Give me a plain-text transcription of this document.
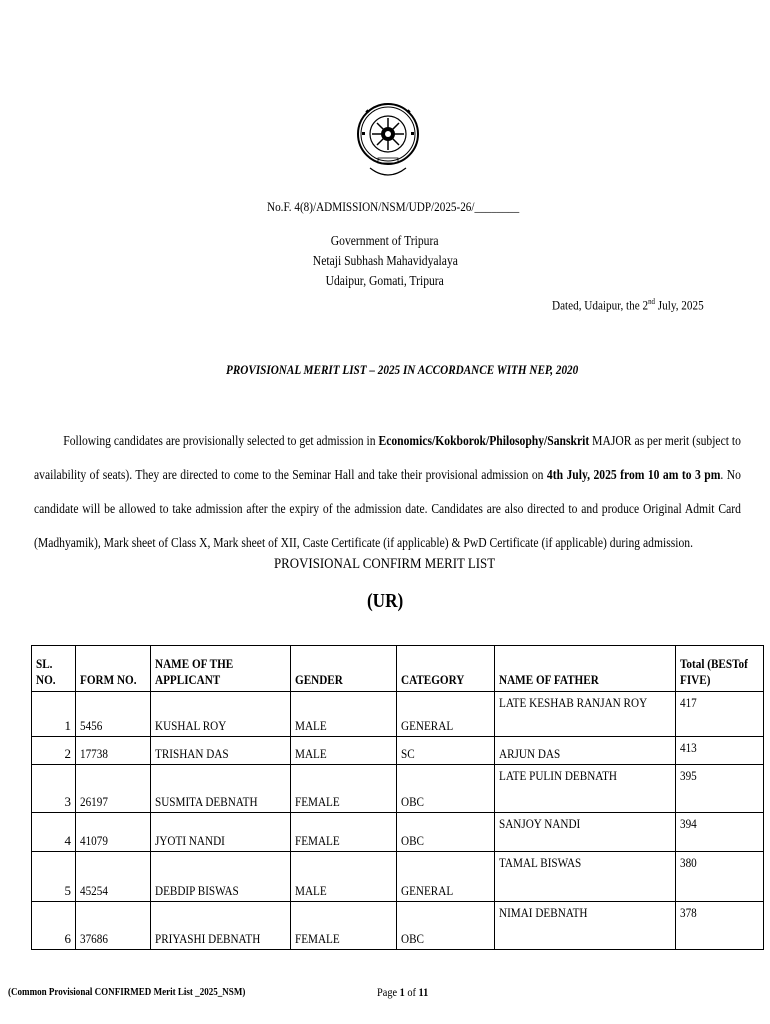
No.F. 4(8)/ADMISSION/NSM/UDP/2025-26/________
Government of Tripura
Netaji Subhash Mahavidyalaya
Udaipur, Gomati, Tripura
Dated, Udaipur, the 2nd July, 2025
PROVISIONAL MERIT LIST – 2025 IN ACCORDANCE WITH NEP, 2020
Following candidates are provisionally selected to get admission in Economics/Kokborok/Philosophy/Sanskrit MAJOR as per merit (subject to availability of seats). They are directed to come to the Seminar Hall and take their provisional admission on 4th July, 2025 from 10 am to 3 pm. No candidate will be allowed to take admission after the expiry of the admission date. Candidates are also directed to and produce Original Admit Card (Madhyamik), Mark sheet of Class X, Mark sheet of XII, Caste Certificate (if applicable) & PwD Certificate (if applicable) during admission.
PROVISIONAL CONFIRM MERIT LIST
(UR)
SL.
NO.	FORM NO.	NAME OF THE
APPLICANT	GENDER	CATEGORY	NAME OF FATHER	Total (BESTof
FIVE)
1	5456	KUSHAL ROY	MALE	GENERAL	LATE KESHAB RANJAN ROY	417
2	17738	TRISHAN DAS	MALE	SC	ARJUN DAS	413
3	26197	SUSMITA DEBNATH	FEMALE	OBC	LATE PULIN DEBNATH	395
4	41079	JYOTI NANDI	FEMALE	OBC	SANJOY NANDI	394
5	45254	DEBDIP BISWAS	MALE	GENERAL	TAMAL BISWAS	380
6	37686	PRIYASHI DEBNATH	FEMALE	OBC	NIMAI DEBNATH	378
(Common Provisional CONFIRMED Merit List _2025_NSM)	Page 1 of 11
